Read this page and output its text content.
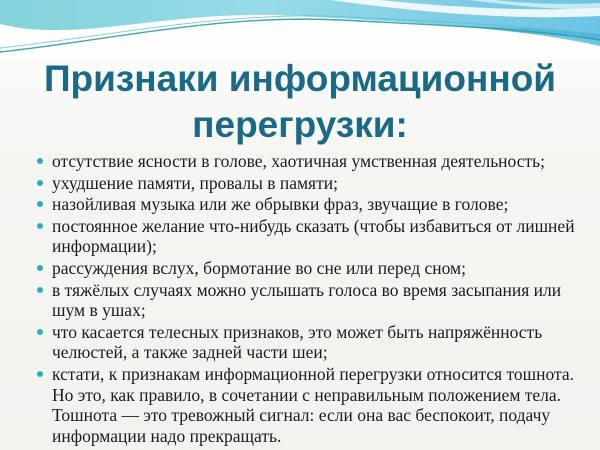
Признаки информационной перегрузки:
отсутствие ясности в голове, хаотичная умственная деятельность;
ухудшение памяти, провалы в памяти;
назойливая музыка или же обрывки фраз, звучащие в голове;
постоянное желание что-нибудь сказать (чтобы избавиться от лишней информации);
рассуждения вслух, бормотание во сне или перед сном;
в тяжёлых случаях можно услышать голоса во время засыпания или шум в ушах;
что касается телесных признаков, это может быть напряжённость челюстей, а также задней части шеи;
кстати, к признакам информационной перегрузки относится тошнота. Но это, как правило, в сочетании с неправильным положением тела. Тошнота — это тревожный сигнал: если она вас беспокоит, подачу информации надо прекращать.
